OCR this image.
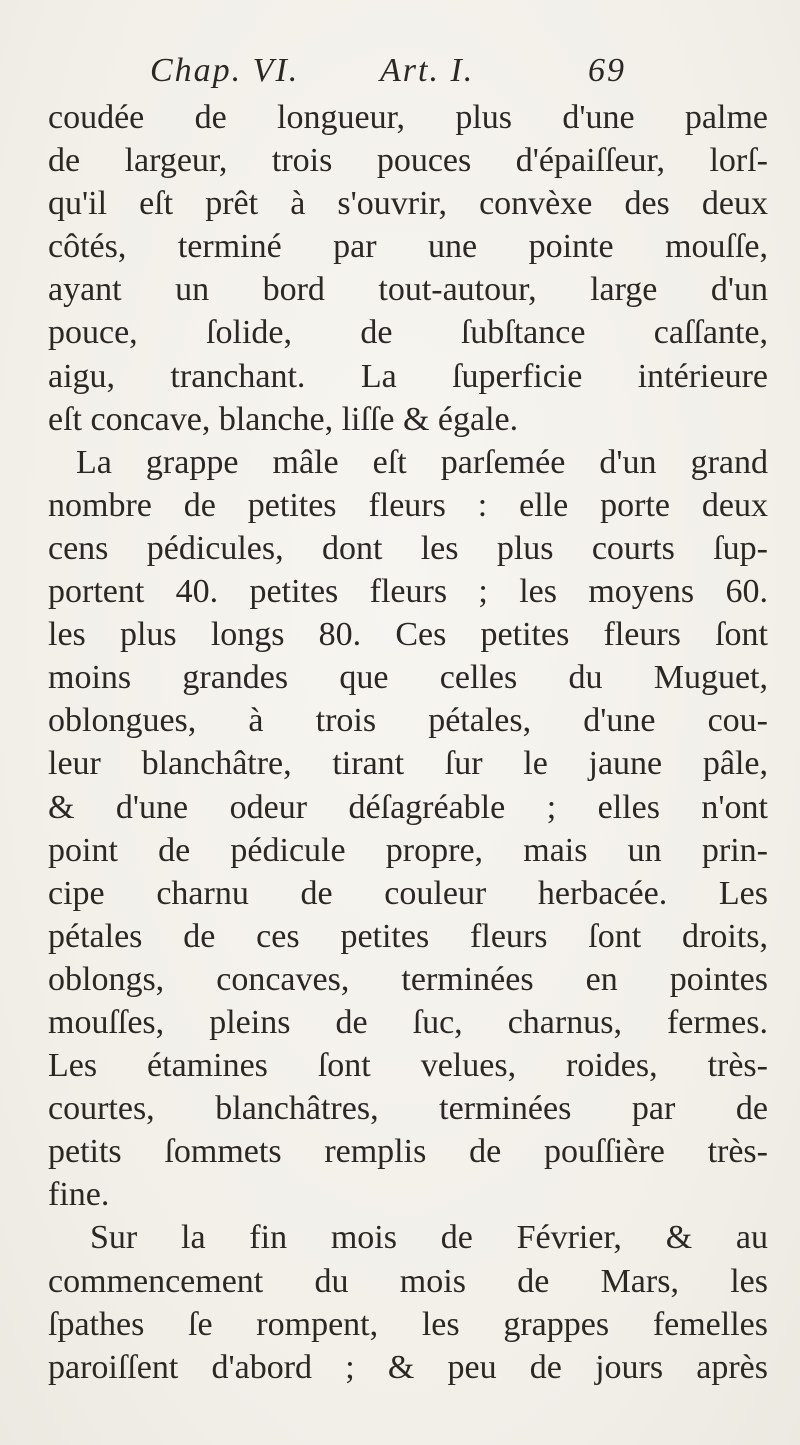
Chap. VI. Art. I.	69
coudée de longueur, plus d'une palme
de largeur, trois pouces d'épaiſſeur, lorſ-
qu'il eſt prêt à s'ouvrir, convèxe des deux
côtés, terminé par une pointe mouſſe,
ayant un bord tout-autour, large d'un
pouce, ſolide, de ſubſtance caſſante,
aigu, tranchant. La ſuperficie intérieure
eſt concave, blanche, liſſe & égale.
La grappe mâle eſt parſemée d'un grand
nombre de petites fleurs : elle porte deux
cens pédicules, dont les plus courts ſup-
portent 40. petites fleurs ; les moyens 60.
les plus longs 80. Ces petites fleurs ſont
moins grandes que celles du Muguet,
oblongues, à trois pétales, d'une cou-
leur blanchâtre, tirant ſur le jaune pâle,
& d'une odeur déſagréable ; elles n'ont
point de pédicule propre, mais un prin-
cipe charnu de couleur herbacée. Les
pétales de ces petites fleurs ſont droits,
oblongs, concaves, terminées en pointes
mouſſes, pleins de ſuc, charnus, fermes.
Les étamines ſont velues, roides, très-
courtes, blanchâtres, terminées par de
petits ſommets remplis de pouſſière très-
fine.
Sur la fin mois de Février, & au
commencement du mois de Mars, les
ſpathes ſe rompent, les grappes femelles
paroiſſent d'abord ; & peu de jours après
